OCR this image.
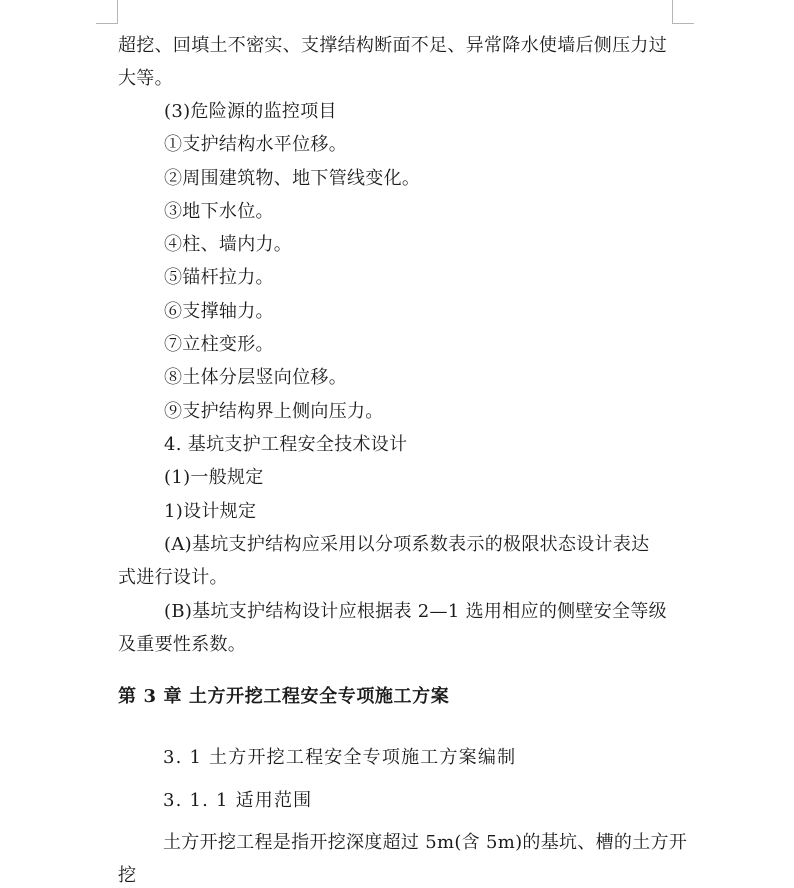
超挖、回填土不密实、支撑结构断面不足、异常降水使墙后侧压力过
大等。
(3)危险源的监控项目
①支护结构水平位移。
②周围建筑物、地下管线变化。
③地下水位。
④柱、墙内力。
⑤锚杆拉力。
⑥支撑轴力。
⑦立柱变形。
⑧土体分层竖向位移。
⑨支护结构界上侧向压力。
4. 基坑支护工程安全技术设计
(1)一般规定
1)设计规定
(A)基坑支护结构应采用以分项系数表示的极限状态设计表达
式进行设计。
(B)基坑支护结构设计应根据表 2—1 选用相应的侧壁安全等级
及重要性系数。
第 3 章 土方开挖工程安全专项施工方案
3. 1 土方开挖工程安全专项施工方案编制
3. 1. 1 适用范围
土方开挖工程是指开挖深度超过 5m(含 5m)的基坑、槽的土方开
挖
